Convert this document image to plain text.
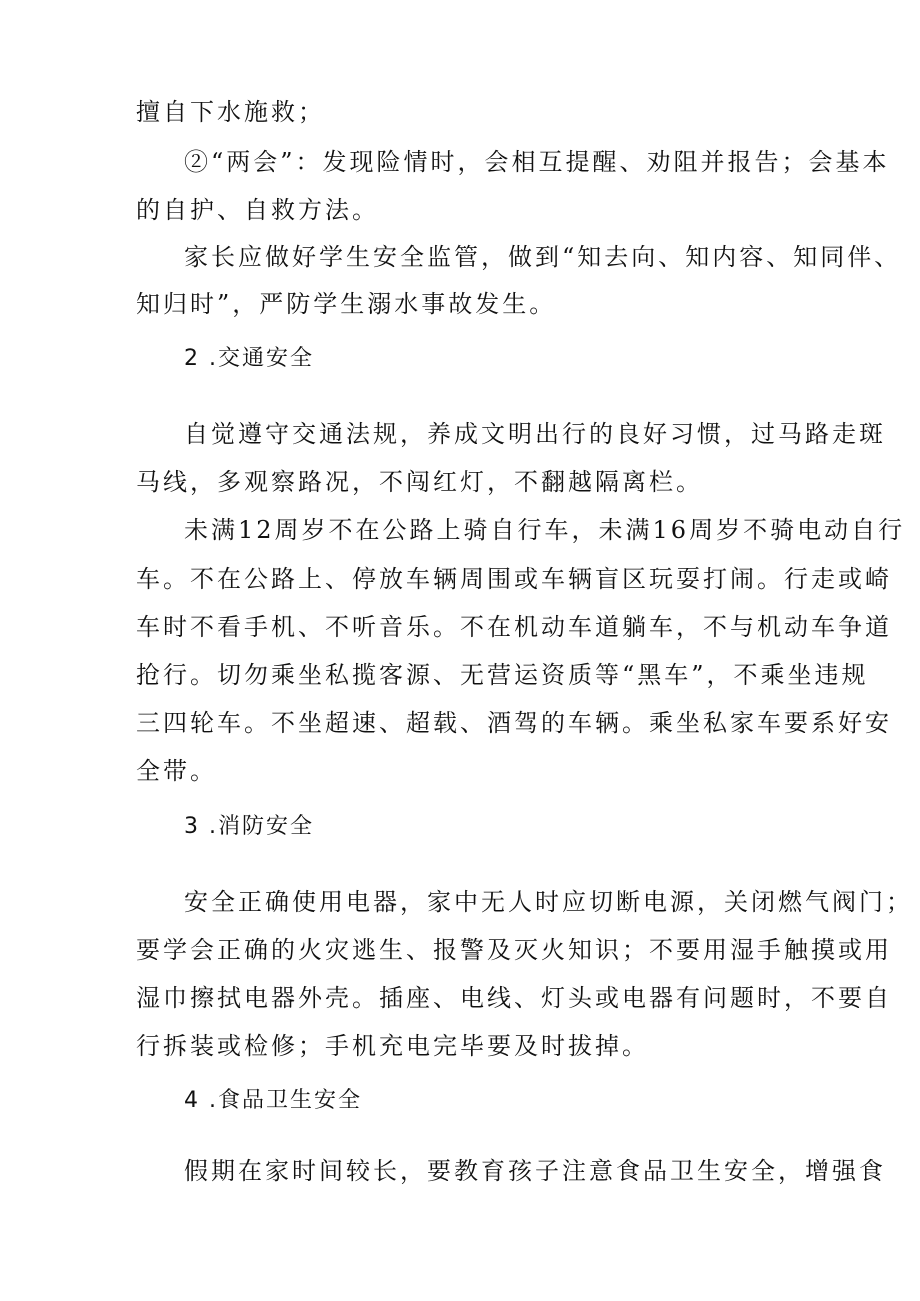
擅自下水施救；
②“两会”：发现险情时，会相互提醒、劝阻并报告；会基本
的自护、自救方法。
家长应做好学生安全监管，做到“知去向、知内容、知同伴、
知归时”，严防学生溺水事故发生。
2 .交通安全
自觉遵守交通法规，养成文明出行的良好习惯，过马路走斑
马线，多观察路况，不闯红灯，不翻越隔离栏。
未满12周岁不在公路上骑自行车，未满16周岁不骑电动自行
车。不在公路上、停放车辆周围或车辆盲区玩耍打闹。行走或崎
车时不看手机、不听音乐。不在机动车道躺车，不与机动车争道
抢行。切勿乘坐私揽客源、无营运资质等“黑车”，不乘坐违规
三四轮车。不坐超速、超载、酒驾的车辆。乘坐私家车要系好安
全带。
3 .消防安全
安全正确使用电器，家中无人时应切断电源，关闭燃气阀门；
要学会正确的火灾逃生、报警及灭火知识；不要用湿手触摸或用
湿巾擦拭电器外壳。插座、电线、灯头或电器有问题时，不要自
行拆装或检修；手机充电完毕要及时拔掉。
4 .食品卫生安全
假期在家时间较长，要教育孩子注意食品卫生安全，增强食
